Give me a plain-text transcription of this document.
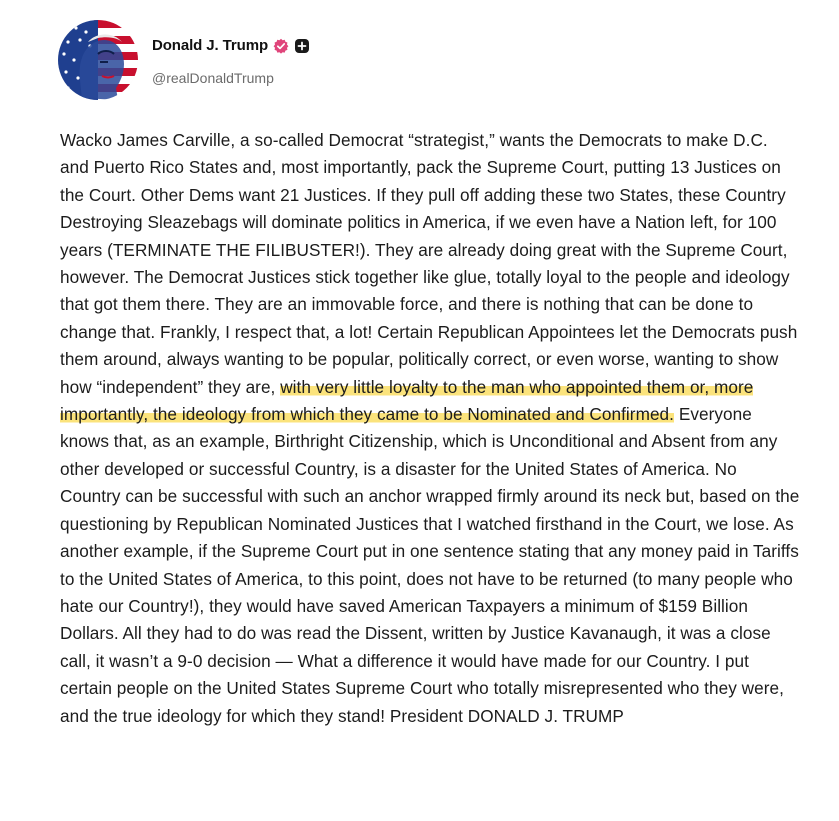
Donald J. Trump
@realDonaldTrump

Wacko James Carville, a so-called Democrat “strategist,” wants the Democrats to make D.C. and Puerto Rico States and, most importantly, pack the Supreme Court, putting 13 Justices on the Court. Other Dems want 21 Justices. If they pull off adding these two States, these Country Destroying Sleazebags will dominate politics in America, if we even have a Nation left, for 100 years (TERMINATE THE FILIBUSTER!). They are already doing great with the Supreme Court, however. The Democrat Justices stick together like glue, totally loyal to the people and ideology that got them there. They are an immovable force, and there is nothing that can be done to change that. Frankly, I respect that, a lot! Certain Republican Appointees let the Democrats push them around, always wanting to be popular, politically correct, or even worse, wanting to show how “independent” they are, with very little loyalty to the man who appointed them or, more importantly, the ideology from which they came to be Nominated and Confirmed. Everyone knows that, as an example, Birthright Citizenship, which is Unconditional and Absent from any other developed or successful Country, is a disaster for the United States of America. No Country can be successful with such an anchor wrapped firmly around its neck but, based on the questioning by Republican Nominated Justices that I watched firsthand in the Court, we lose. As another example, if the Supreme Court put in one sentence stating that any money paid in Tariffs to the United States of America, to this point, does not have to be returned (to many people who hate our Country!), they would have saved American Taxpayers a minimum of $159 Billion Dollars. All they had to do was read the Dissent, written by Justice Kavanaugh, it was a close call, it wasn’t a 9-0 decision — What a difference it would have made for our Country. I put certain people on the United States Supreme Court who totally misrepresented who they were, and the true ideology for which they stand! President DONALD J. TRUMP
